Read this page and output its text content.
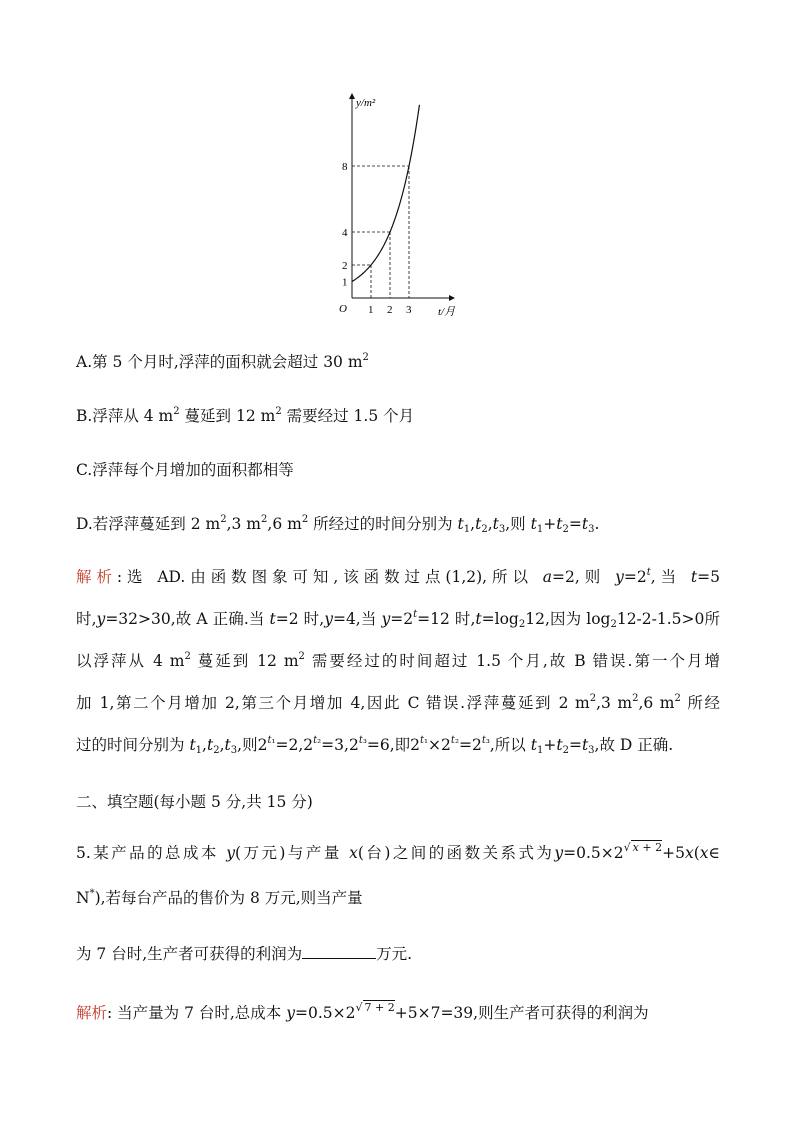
y/m²
t/月
O
1
2
4
8
1 2 3
A.第 5 个月时,浮萍的面积就会超过 30 $m^2$
B.浮萍从 4 $m^2$ 蔓延到 12 $m^2$ 需要经过 1.5 个月
C.浮萍每个月增加的面积都相等
D.若浮萍蔓延到 2 $m^2,3$ $m^2,6$ $m^2$ 所经过的时间分别为 $t_1,t_2,t_3$,则 $t_1+t_2=t_3$.
解析:选 AD.由函数图象可知,该函数过点(1,2),所以 a=2,则 $y=2^t$,当 t=5
时,y=32>30,故 A 正确.当 t=2 时,y=4,当 $y=2^t=12$ 时$,t=\log_212$,因为 $\log_212-2-1.5>0$所
以浮萍从 4 $m^2$ 蔓延到 12 $m^2$ 需要经过的时间超过 1.5 个月,故 B 错误.第一个月增
加 1,第二个月增加 2,第三个月增加 4,因此 C 错误.浮萍蔓延到 2 $m^2,3$ $m^2,6$ $m^2$ 所经
过的时间分别为 $t_1,t_2,t_3$,则$2^{t_1}=2,2^{t_2}=3,2^{t_3}=6$,即$2^{t_1}\times 2^{t_2}=2^{t_3}$,所以 $t_1+t_2=t_3$,故 D 正确.
二、填空题(每小题 5 分,共 15 分)
5.某产品的总成本 y(万元)与产量 x(台)之间的函数关系式为$y=0.5\times 2^{√ x + 2}+5x(x\in$
N*),若每台产品的售价为 8 万元,则当产量
为 7 台时,生产者可获得的利润为	万元.
解析: 当产量为 7 台时,总成本 $y=0.5\times 2^{√ 7 + 2}+5\times 7=39$,则生产者可获得的利润为
